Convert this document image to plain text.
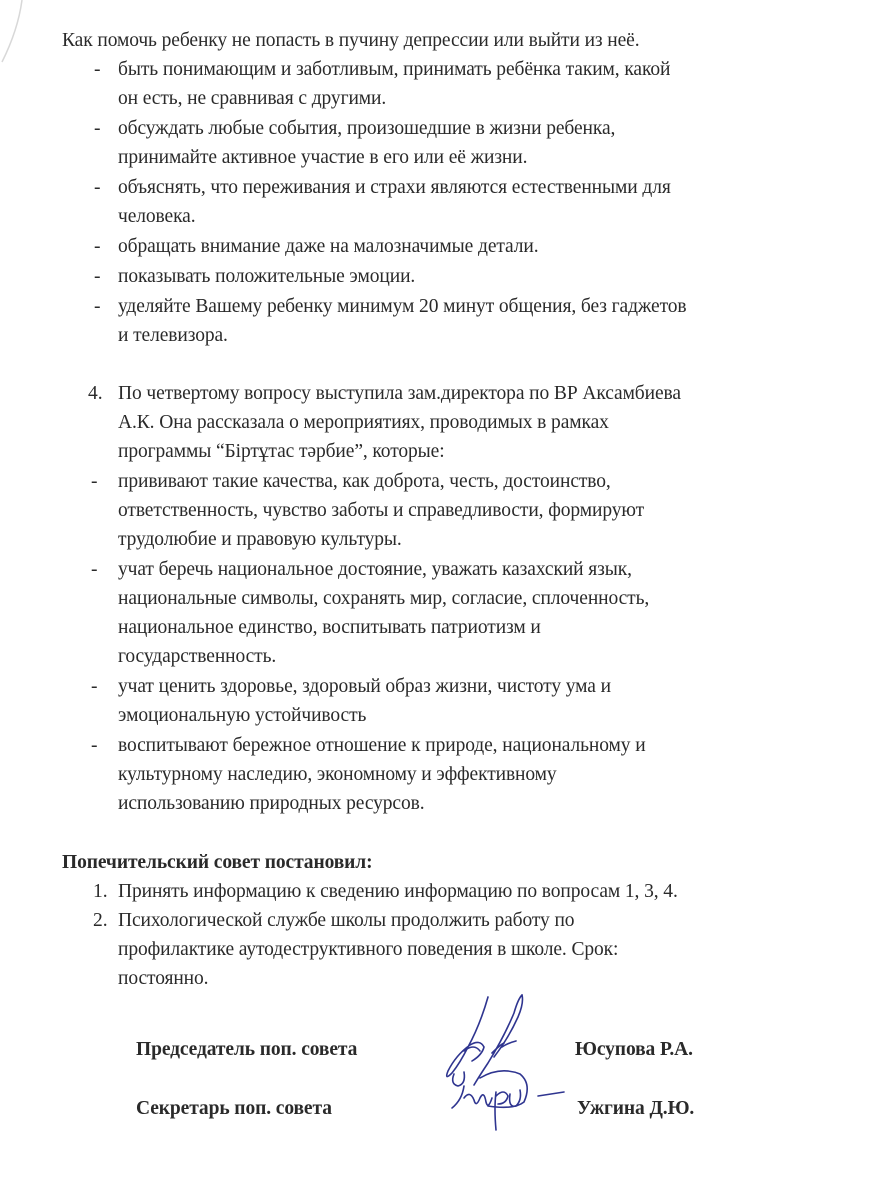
Как помочь ребенку не попасть в пучину депрессии или выйти из неё.
- быть понимающим и заботливым, принимать ребёнка таким, какой
он есть, не сравнивая с другими.
- обсуждать любые события, произошедшие в жизни ребенка,
принимайте активное участие в его или её жизни.
- объяснять, что переживания и страхи являются естественными для
человека.
- обращать внимание даже на малозначимые детали.
- показывать положительные эмоции.
- уделяйте Вашему ребенку минимум 20 минут общения, без гаджетов
и телевизора.
4. По четвертому вопросу выступила зам.директора по ВР Аксамбиева
А.К. Она рассказала о мероприятиях, проводимых в рамках
программы “Біртұтас тәрбие”, которые:
- прививают такие качества, как доброта, честь, достоинство,
ответственность, чувство заботы и справедливости, формируют
трудолюбие и правовую культуры.
- учат беречь национальное достояние, уважать казахский язык,
национальные символы, сохранять мир, согласие, сплоченность,
национальное единство, воспитывать патриотизм и
государственность.
- учат ценить здоровье, здоровый образ жизни, чистоту ума и
эмоциональную устойчивость
- воспитывают бережное отношение к природе, национальному и
культурному наследию, экономному и эффективному
использованию природных ресурсов.
Попечительский совет постановил:
1. Принять информацию к сведению информацию по вопросам 1, 3, 4.
2. Психологической службе школы продолжить работу по
профилактике аутодеструктивного поведения в школе. Срок:
постоянно.
Председатель поп. совета	Юсупова Р.А.
Секретарь поп. совета	Ужгина Д.Ю.
